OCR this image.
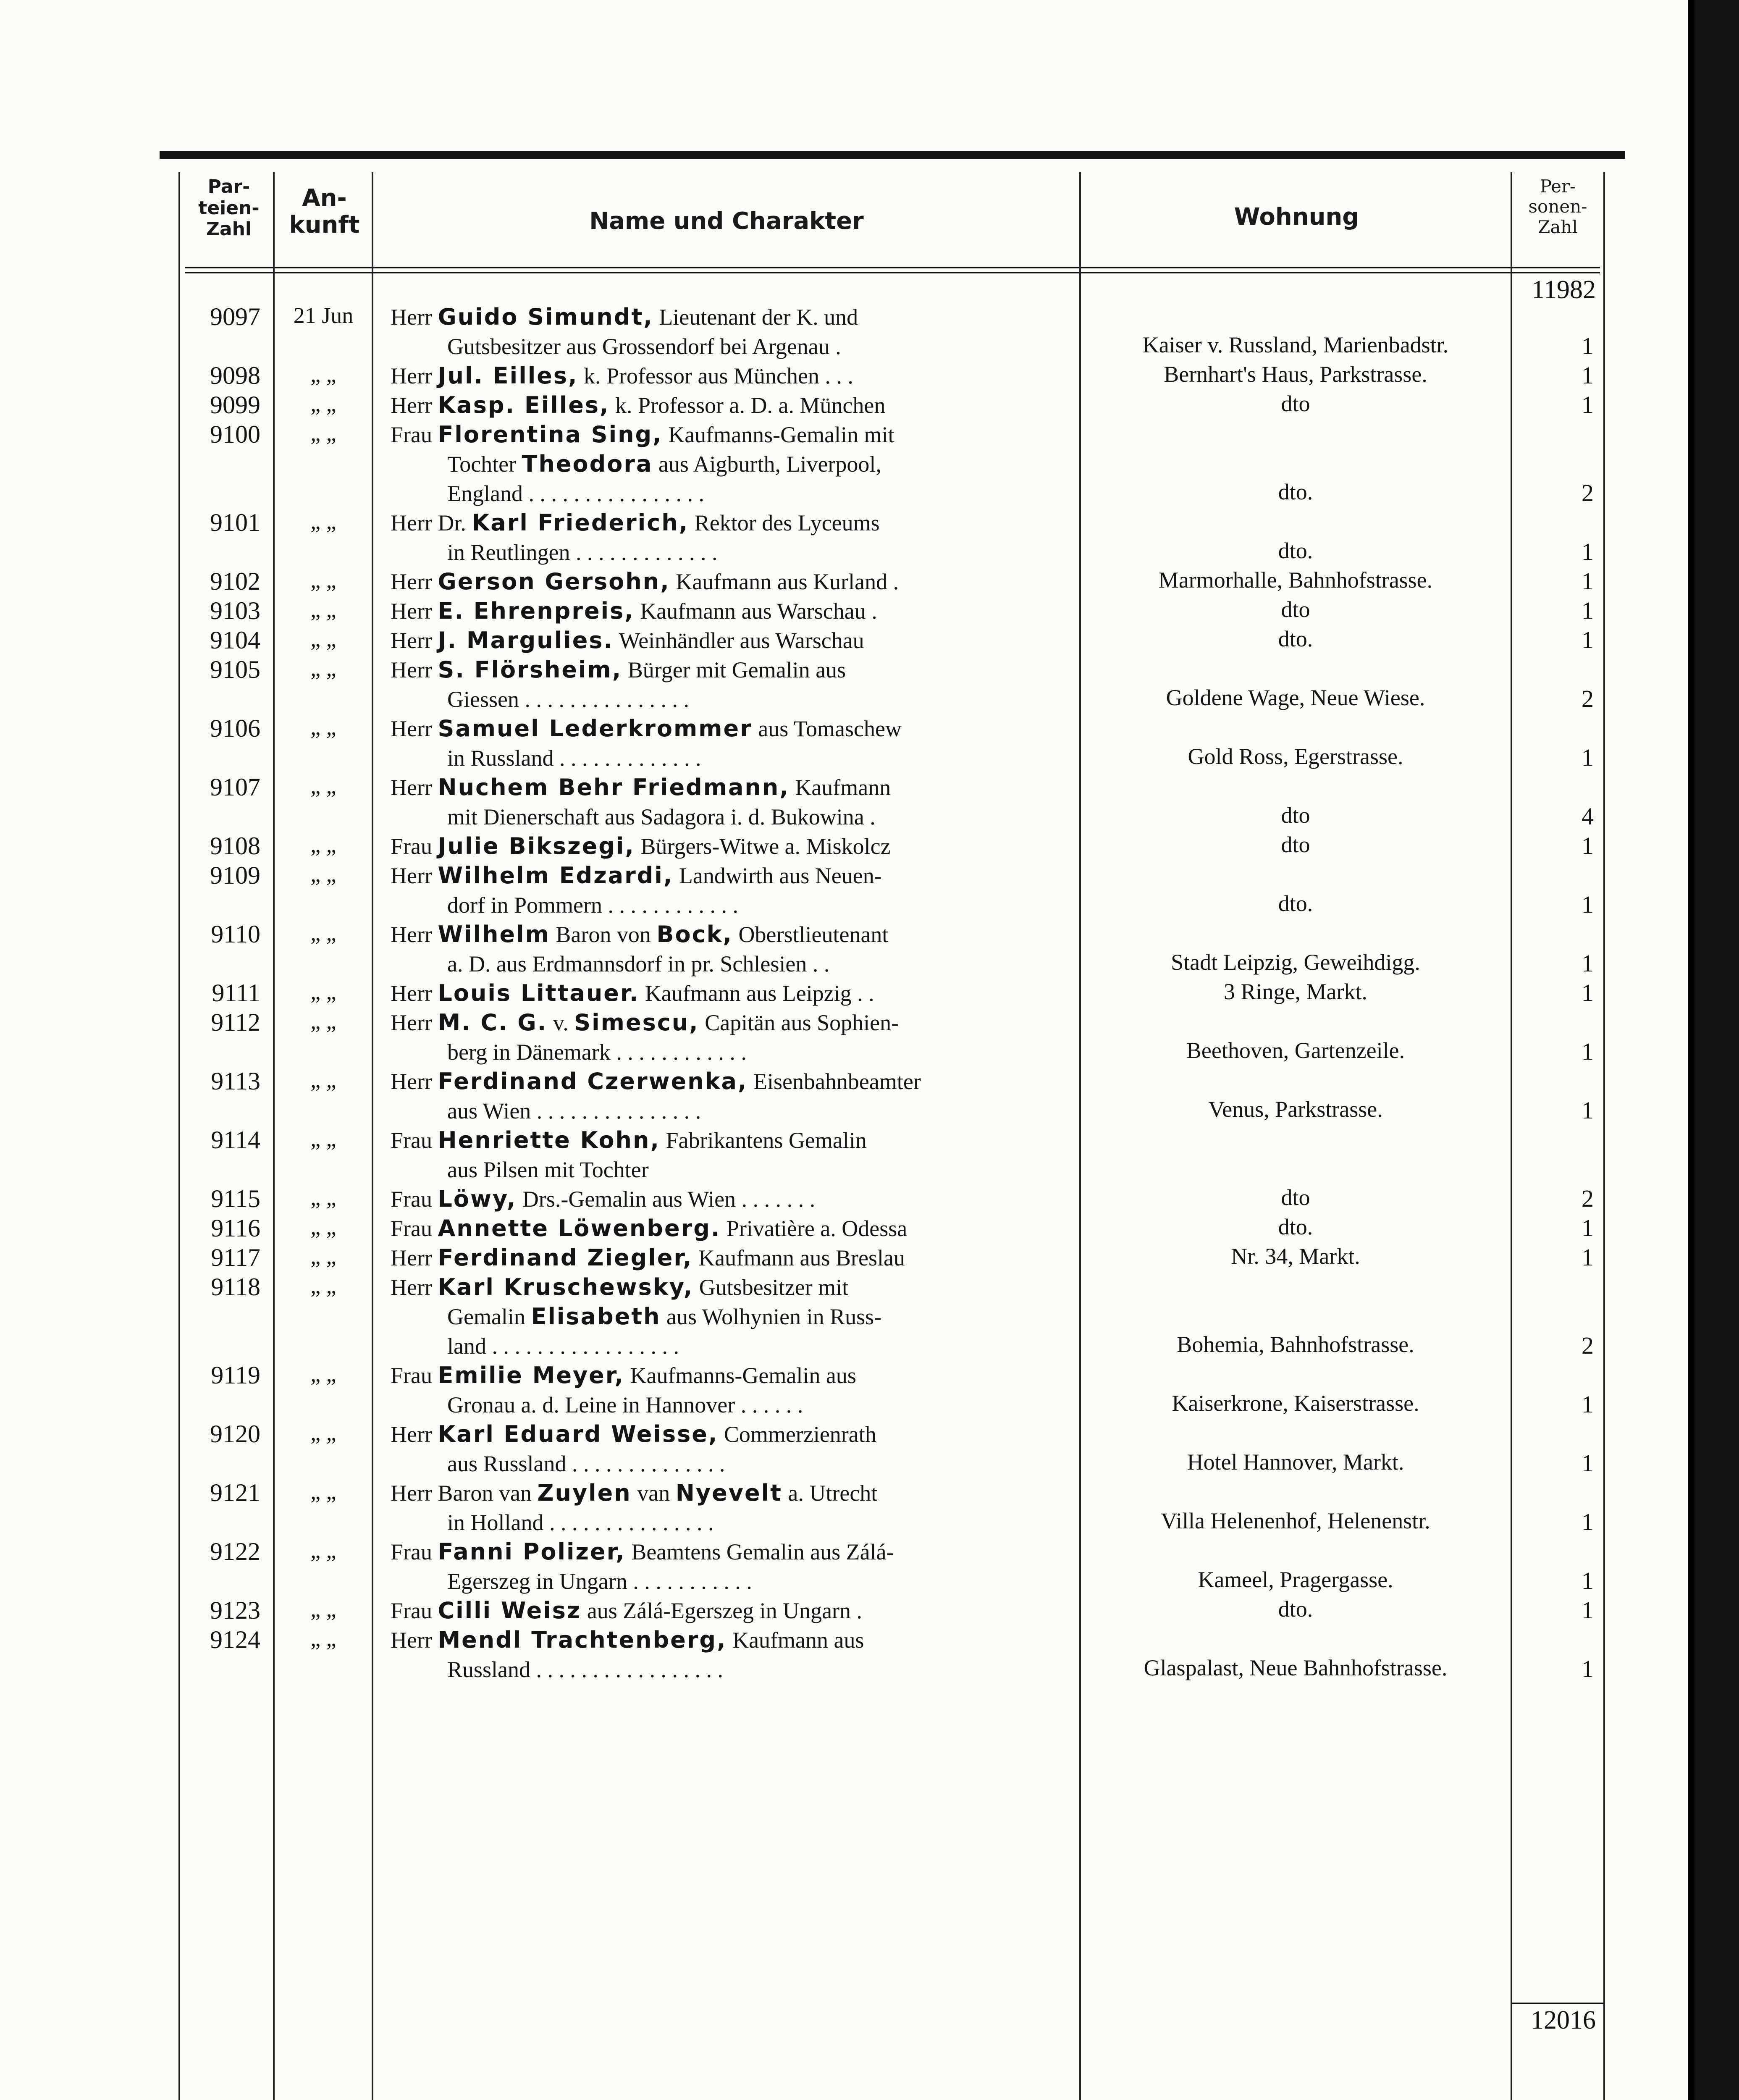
Par-
teien-
Zahl
An-
kunft	Name und Charakter	Wohnung
Per-
sonen-
Zahl
11982
9097	21 Jun	Herr Guido Simundt, Lieutenant der K. und
Gutsbesitzer aus Grossendorf bei Argenau .	Kaiser v. Russland, Marienbadstr.	1
9098	„ „	Herr Jul. Eilles, k. Professor aus München . . .	Bernhart's Haus, Parkstrasse.	1
9099	„ „	Herr Kasp. Eilles, k. Professor a. D. a. München	dto	1
9100	„ „	Frau Florentina Sing, Kaufmanns-Gemalin mit
Tochter Theodora aus Aigburth, Liverpool,
England . . . . . . . . . . . . . . . .	dto.	2
9101	„ „	Herr Dr. Karl Friederich, Rektor des Lyceums
in Reutlingen . . . . . . . . . . . . .	dto.	1
9102	„ „	Herr Gerson Gersohn, Kaufmann aus Kurland .	Marmorhalle, Bahnhofstrasse.	1
9103	„ „	Herr E. Ehrenpreis, Kaufmann aus Warschau .	dto	1
9104	„ „	Herr J. Margulies. Weinhändler aus Warschau	dto.	1
9105	„ „	Herr S. Flörsheim, Bürger mit Gemalin aus
Giessen . . . . . . . . . . . . . . .	Goldene Wage, Neue Wiese.	2
9106	„ „	Herr Samuel Lederkrommer aus Tomaschew
in Russland . . . . . . . . . . . . .	Gold Ross, Egerstrasse.	1
9107	„ „	Herr Nuchem Behr Friedmann, Kaufmann
mit Dienerschaft aus Sadagora i. d. Bukowina .	dto	4
9108	„ „	Frau Julie Bikszegi, Bürgers-Witwe a. Miskolcz	dto	1
9109	„ „	Herr Wilhelm Edzardi, Landwirth aus Neuen-
dorf in Pommern . . . . . . . . . . . .	dto.	1
9110	„ „	Herr Wilhelm Baron von Bock, Oberstlieutenant
a. D. aus Erdmannsdorf in pr. Schlesien . .	Stadt Leipzig, Geweihdigg.	1
9111	„ „	Herr Louis Littauer. Kaufmann aus Leipzig . .	3 Ringe, Markt.	1
9112	„ „	Herr M. C. G. v. Simescu, Capitän aus Sophien-
berg in Dänemark . . . . . . . . . . . .	Beethoven, Gartenzeile.	1
9113	„ „	Herr Ferdinand Czerwenka, Eisenbahnbeamter
aus Wien . . . . . . . . . . . . . . .	Venus, Parkstrasse.	1
9114	„ „	Frau Henriette Kohn, Fabrikantens Gemalin
aus Pilsen mit Tochter
9115	„ „	Frau Löwy, Drs.-Gemalin aus Wien . . . . . . .	dto	2
9116	„ „	Frau Annette Löwenberg. Privatière a. Odessa	dto.	1
9117	„ „	Herr Ferdinand Ziegler, Kaufmann aus Breslau	Nr. 34, Markt.	1
9118	„ „	Herr Karl Kruschewsky, Gutsbesitzer mit
Gemalin Elisabeth aus Wolhynien in Russ-
land . . . . . . . . . . . . . . . . .	Bohemia, Bahnhofstrasse.	2
9119	„ „	Frau Emilie Meyer, Kaufmanns-Gemalin aus
Gronau a. d. Leine in Hannover . . . . . .	Kaiserkrone, Kaiserstrasse.	1
9120	„ „	Herr Karl Eduard Weisse, Commerzienrath
aus Russland . . . . . . . . . . . . . .	Hotel Hannover, Markt.	1
9121	„ „	Herr Baron van Zuylen van Nyevelt a. Utrecht
in Holland . . . . . . . . . . . . . . .	Villa Helenenhof, Helenenstr.	1
9122	„ „	Frau Fanni Polizer, Beamtens Gemalin aus Zálá-
Egerszeg in Ungarn . . . . . . . . . . .	Kameel, Pragergasse.	1
9123	„ „	Frau Cilli Weisz aus Zálá-Egerszeg in Ungarn .	dto.	1
9124	„ „	Herr Mendl Trachtenberg, Kaufmann aus
Russland . . . . . . . . . . . . . . . . .	Glaspalast, Neue Bahnhofstrasse.	1
12016
